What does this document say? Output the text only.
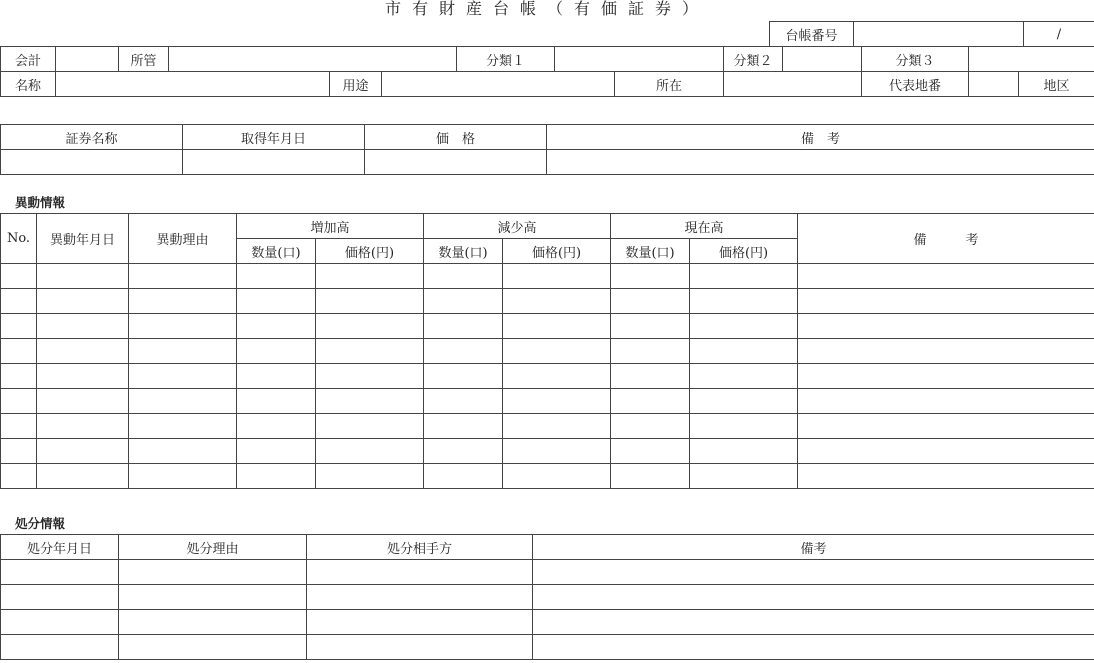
市有財産台帳（有価証券）
台帳番号		/
会計		所管				分類１			分類２		分類３		
名称				用途				所在			代表地番		地区
証券名称	取得年月日	価　格	備　考

異動情報
No.	異動年月日	異動理由	増加高		減少高		現在高		備　　　考
			数量(口)	価格(円)	数量(口)	価格(円)	数量(口)	価格(円)	

処分情報
処分年月日	処分理由	処分相手方	備考
